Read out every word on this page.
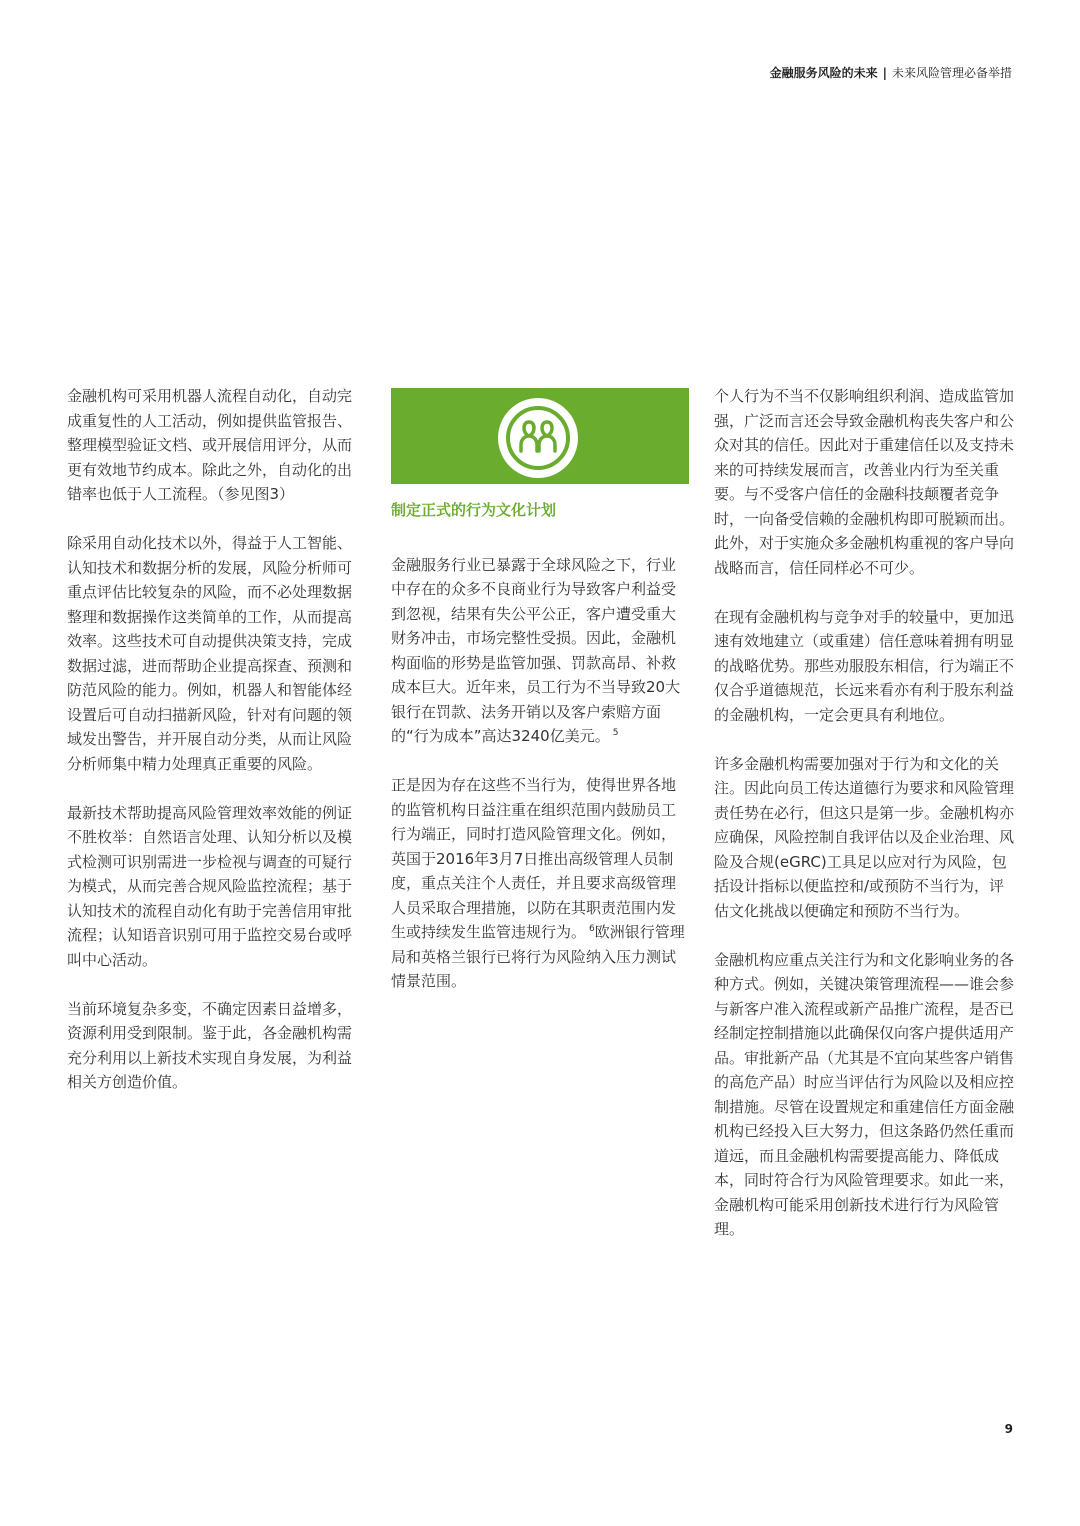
金融服务风险的未来 | 未来风险管理必备举措

金融机构可采用机器人流程自动化，自动完成重复性的人工活动，例如提供监管报告、整理模型验证文档、或开展信用评分，从而更有效地节约成本。除此之外，自动化的出错率也低于人工流程。（参见图3）

除采用自动化技术以外，得益于人工智能、认知技术和数据分析的发展，风险分析师可重点评估比较复杂的风险，而不必处理数据整理和数据操作这类简单的工作，从而提高效率。这些技术可自动提供决策支持，完成数据过滤，进而帮助企业提高探查、预测和防范风险的能力。例如，机器人和智能体经设置后可自动扫描新风险，针对有问题的领域发出警告，并开展自动分类，从而让风险分析师集中精力处理真正重要的风险。

最新技术帮助提高风险管理效率效能的例证不胜枚举：自然语言处理、认知分析以及模式检测可识别需进一步检视与调查的可疑行为模式，从而完善合规风险监控流程；基于认知技术的流程自动化有助于完善信用审批流程；认知语音识别可用于监控交易台或呼叫中心活动。

当前环境复杂多变，不确定因素日益增多，资源利用受到限制。鉴于此，各金融机构需充分利用以上新技术实现自身发展，为利益相关方创造价值。

制定正式的行为文化计划

金融服务行业已暴露于全球风险之下，行业中存在的众多不良商业行为导致客户利益受到忽视，结果有失公平公正，客户遭受重大财务冲击，市场完整性受损。因此，金融机构面临的形势是监管加强、罚款高昂、补救成本巨大。近年来，员工行为不当导致20大银行在罚款、法务开销以及客户索赔方面的“行为成本”高达3240亿美元。 $^5$

正是因为存在这些不当行为，使得世界各地的监管机构日益注重在组织范围内鼓励员工行为端正，同时打造风险管理文化。例如，英国于2016年3月7日推出高级管理人员制度，重点关注个人责任，并且要求高级管理人员采取合理措施，以防在其职责范围内发生或持续发生监管违规行为。 $^6$欧洲银行管理局和英格兰银行已将行为风险纳入压力测试情景范围。

个人行为不当不仅影响组织利润、造成监管加强，广泛而言还会导致金融机构丧失客户和公众对其的信任。因此对于重建信任以及支持未来的可持续发展而言，改善业内行为至关重要。与不受客户信任的金融科技颠覆者竞争时，一向备受信赖的金融机构即可脱颖而出。此外，对于实施众多金融机构重视的客户导向战略而言，信任同样必不可少。

在现有金融机构与竞争对手的较量中，更加迅速有效地建立（或重建）信任意味着拥有明显的战略优势。那些劝服股东相信，行为端正不仅合乎道德规范，长远来看亦有利于股东利益的金融机构，一定会更具有利地位。

许多金融机构需要加强对于行为和文化的关注。因此向员工传达道德行为要求和风险管理责任势在必行，但这只是第一步。金融机构亦应确保，风险控制自我评估以及企业治理、风险及合规(eGRC)工具足以应对行为风险，包括设计指标以便监控和/或预防不当行为，评估文化挑战以便确定和预防不当行为。

金融机构应重点关注行为和文化影响业务的各种方式。例如，关键决策管理流程——谁会参与新客户准入流程或新产品推广流程，是否已经制定控制措施以此确保仅向客户提供适用产品。审批新产品（尤其是不宜向某些客户销售的高危产品）时应当评估行为风险以及相应控制措施。尽管在设置规定和重建信任方面金融机构已经投入巨大努力，但这条路仍然任重而道远，而且金融机构需要提高能力、降低成本，同时符合行为风险管理要求。如此一来，金融机构可能采用创新技术进行行为风险管理。

9
